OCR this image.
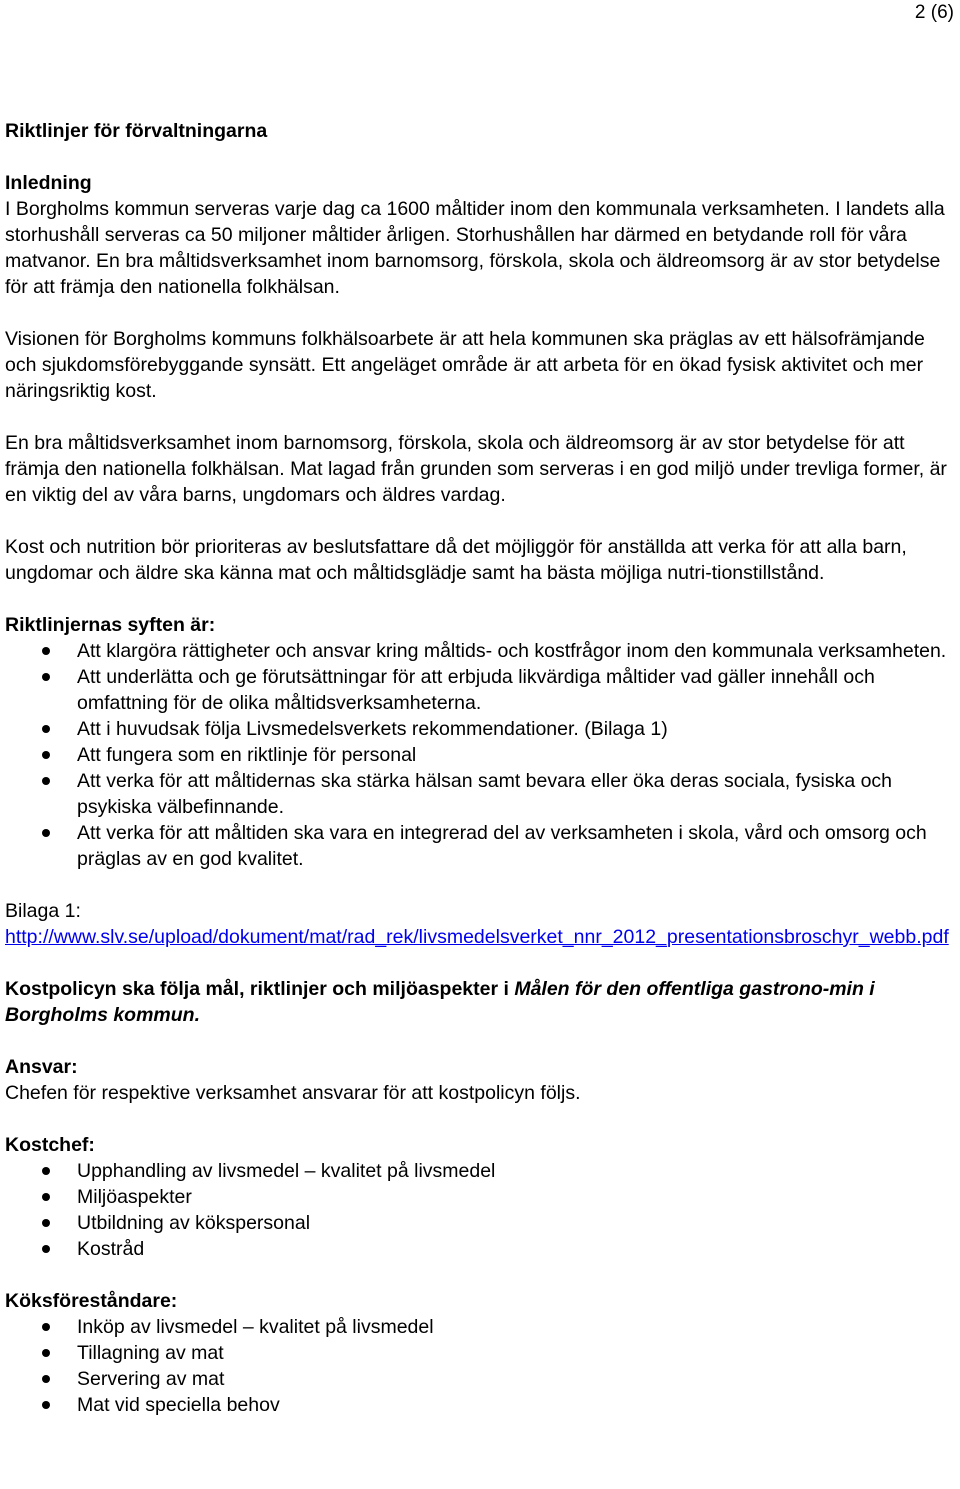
2 (6)

Riktlinjer för förvaltningarna

Inledning

I Borgholms kommun serveras varje dag ca 1600 måltider inom den kommunala verksamheten. I landets alla storhushåll serveras ca 50 miljoner måltider årligen. Storhushållen har därmed en betydande roll för våra matvanor. En bra måltidsverksamhet inom barnomsorg, förskola, skola och äldreomsorg är av stor betydelse för att främja den nationella folkhälsan.

Visionen för Borgholms kommuns folkhälsoarbete är att hela kommunen ska präglas av ett hälsofrämjande och sjukdomsförebyggande synsätt. Ett angeläget område är att arbeta för en ökad fysisk aktivitet och mer näringsriktig kost.

En bra måltidsverksamhet inom barnomsorg, förskola, skola och äldreomsorg är av stor betydelse för att främja den nationella folkhälsan. Mat lagad från grunden som serveras i en god miljö under trevliga former, är en viktig del av våra barns, ungdomars och äldres vardag.

Kost och nutrition bör prioriteras av beslutsfattare då det möjliggör för anställda att verka för att alla barn, ungdomar och äldre ska känna mat och måltidsglädje samt ha bästa möjliga nutri-tionstillstånd.

Riktlinjernas syften är:

Att klargöra rättigheter och ansvar kring måltids- och kostfrågor inom den kommunala verksamheten.
Att underlätta och ge förutsättningar för att erbjuda likvärdiga måltider vad gäller innehåll och omfattning för de olika måltidsverksamheterna.
Att i huvudsak följa Livsmedelsverkets rekommendationer. (Bilaga 1)
Att fungera som en riktlinje för personal
Att verka för att måltidernas ska stärka hälsan samt bevara eller öka deras sociala, fysiska och psykiska välbefinnande.
Att verka för att måltiden ska vara en integrerad del av verksamheten i skola, vård och omsorg och präglas av en god kvalitet.

Bilaga 1:

http://www.slv.se/upload/dokument/mat/rad_rek/livsmedelsverket_nnr_2012_presentationsbroschyr_webb.pdf

Kostpolicyn ska följa mål, riktlinjer och miljöaspekter i Målen för den offentliga gastrono-min i Borgholms kommun.

Ansvar:

Chefen för respektive verksamhet ansvarar för att kostpolicyn följs.

Kostchef:

Upphandling av livsmedel – kvalitet på livsmedel
Miljöaspekter
Utbildning av kökspersonal
Kostråd

Köksföreståndare:

Inköp av livsmedel – kvalitet på livsmedel
Tillagning av mat
Servering av mat
Mat vid speciella behov
